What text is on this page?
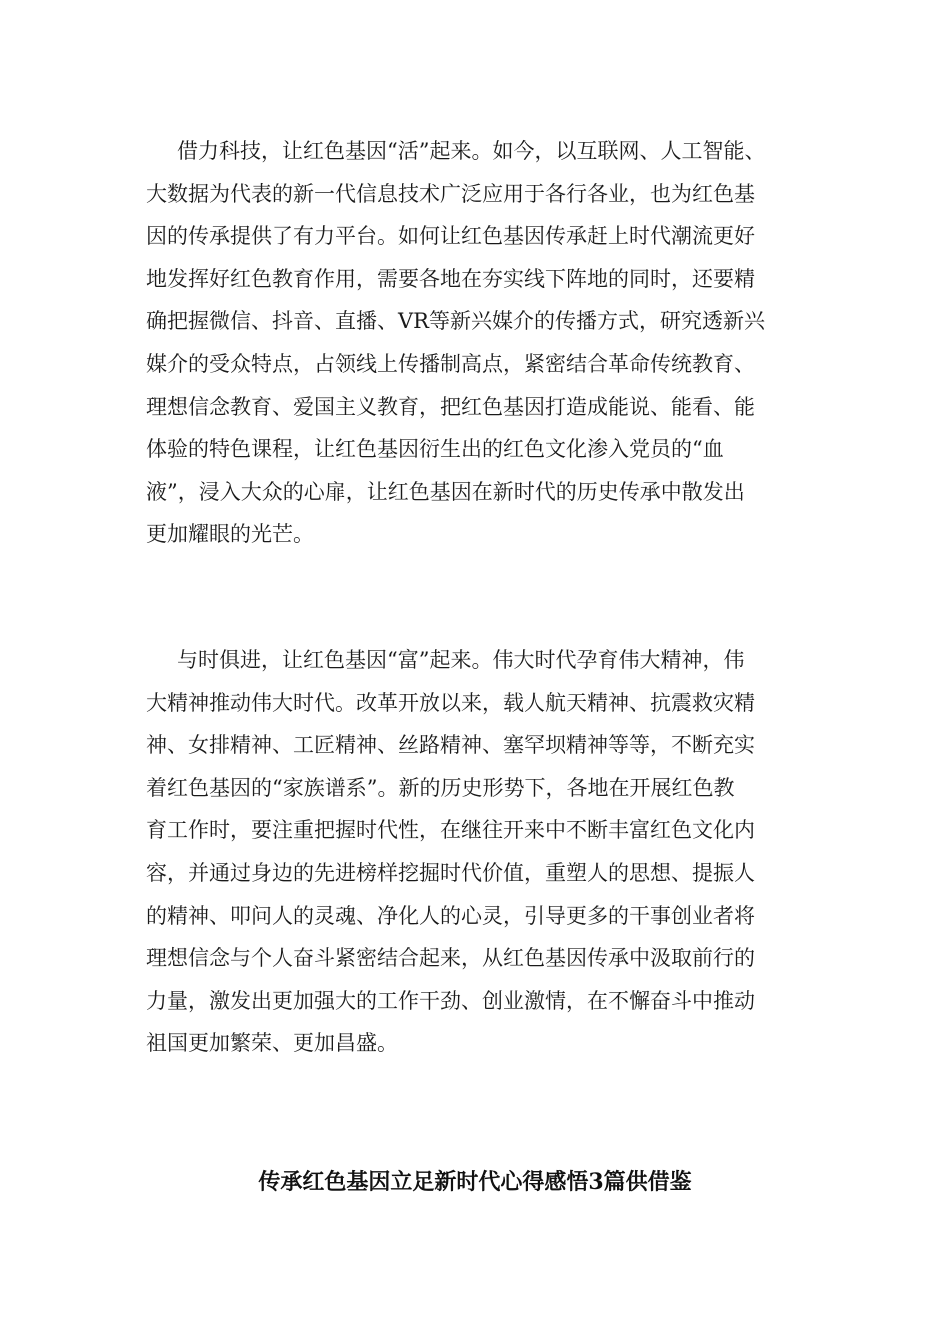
借力科技，让红色基因“活”起来。如今，以互联网、人工智能、
大数据为代表的新一代信息技术广泛应用于各行各业，也为红色基
因的传承提供了有力平台。如何让红色基因传承赶上时代潮流更好
地发挥好红色教育作用，需要各地在夯实线下阵地的同时，还要精
确把握微信、抖音、直播、VR等新兴媒介的传播方式，研究透新兴
媒介的受众特点，占领线上传播制高点，紧密结合革命传统教育、
理想信念教育、爱国主义教育，把红色基因打造成能说、能看、能
体验的特色课程，让红色基因衍生出的红色文化渗入党员的“血
液”，浸入大众的心扉，让红色基因在新时代的历史传承中散发出
更加耀眼的光芒。
与时俱进，让红色基因“富”起来。伟大时代孕育伟大精神，伟
大精神推动伟大时代。改革开放以来，载人航天精神、抗震救灾精
神、女排精神、工匠精神、丝路精神、塞罕坝精神等等，不断充实
着红色基因的“家族谱系”。新的历史形势下，各地在开展红色教
育工作时，要注重把握时代性，在继往开来中不断丰富红色文化内
容，并通过身边的先进榜样挖掘时代价值，重塑人的思想、提振人
的精神、叩问人的灵魂、净化人的心灵，引导更多的干事创业者将
理想信念与个人奋斗紧密结合起来，从红色基因传承中汲取前行的
力量，激发出更加强大的工作干劲、创业激情，在不懈奋斗中推动
祖国更加繁荣、更加昌盛。
传承红色基因立足新时代心得感悟3篇供借鉴
